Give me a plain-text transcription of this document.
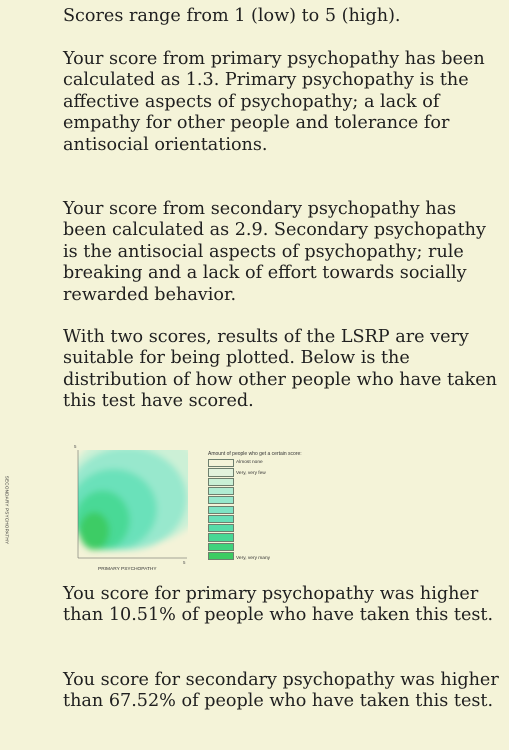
Scores range from 1 (low) to 5 (high).

Your score from primary psychopathy has been calculated as 1.3. Primary psychopathy is the affective aspects of psychopathy; a lack of empathy for other people and tolerance for antisocial orientations.

Your score from secondary psychopathy has been calculated as 2.9. Secondary psychopathy is the antisocial aspects of psychopathy; rule breaking and a lack of effort towards socially rewarded behavior.

With two scores, results of the LSRP are very suitable for being plotted. Below is the distribution of how other people who have taken this test have scored.

You score for primary psychopathy was higher than 10.51% of people who have taken this test.

You score for secondary psychopathy was higher than 67.52% of people who have taken this test.

5
5
SECONDARY PSYCHOPATHY
PRIMARY PSYCHOPATHY
Amount of people who get a certain score:
Almost none
Very, very few
Very, very many
